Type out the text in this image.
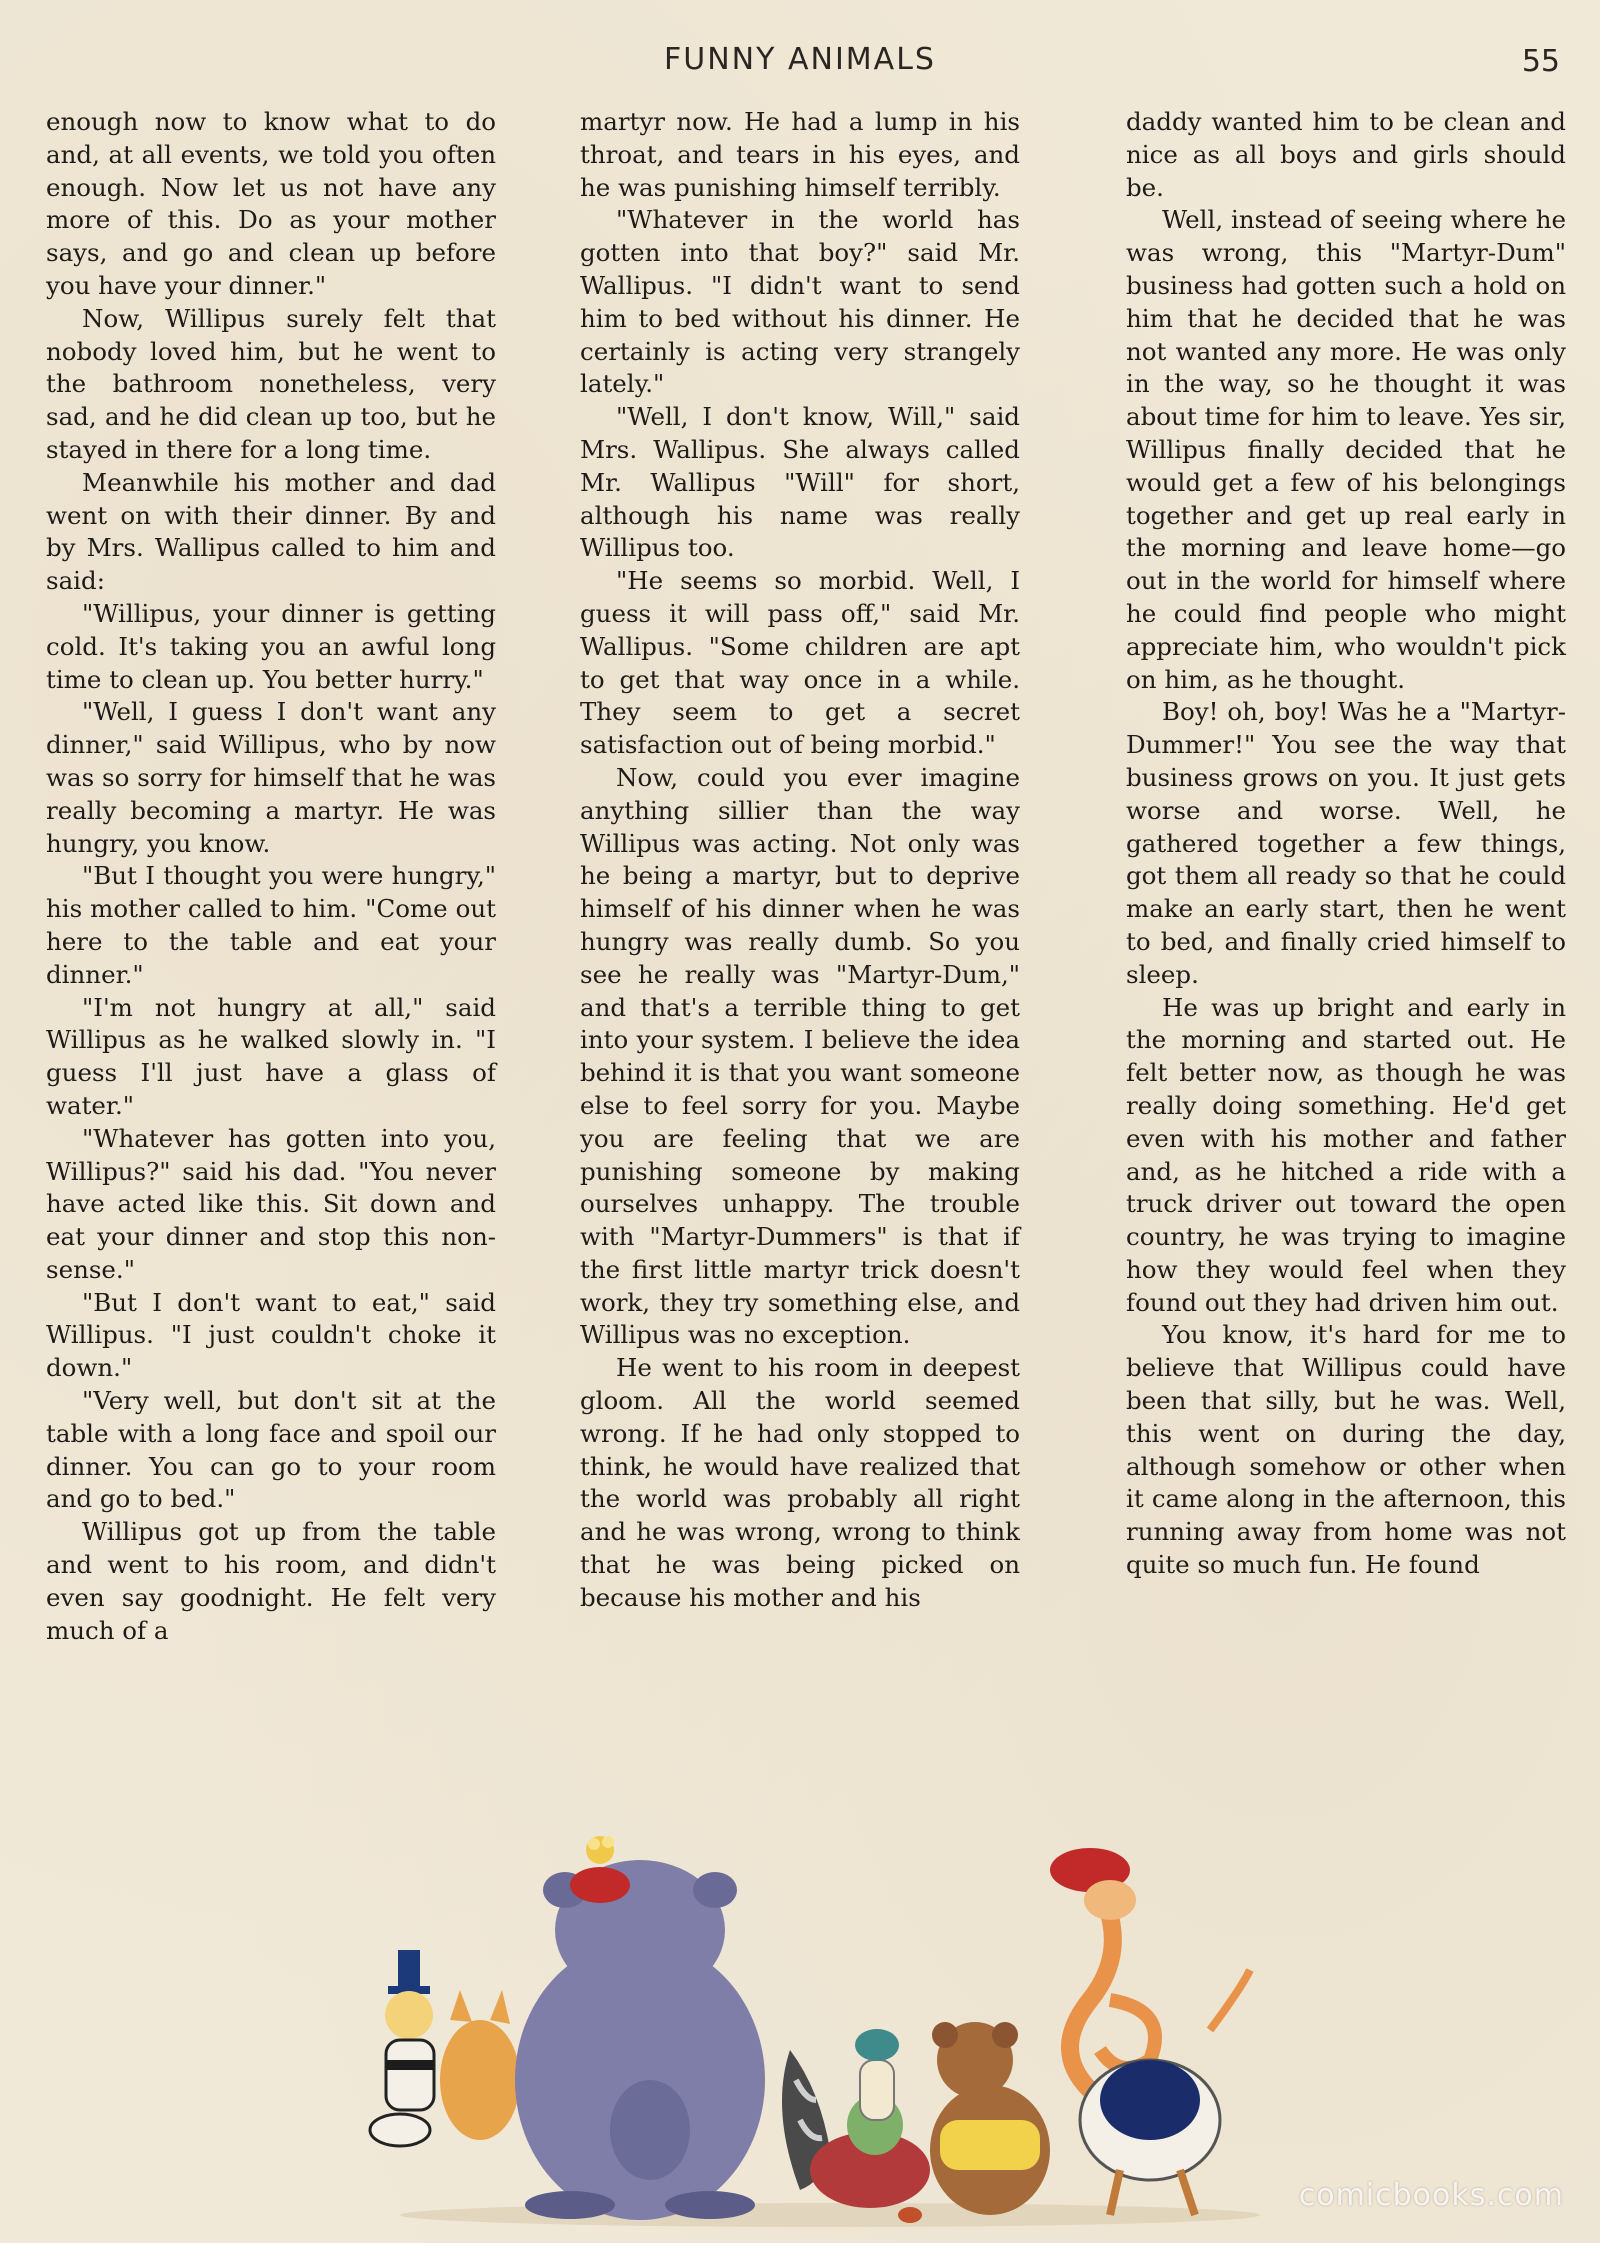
FUNNY ANIMALS	55

enough now to know what to do and, at all events, we told you often enough. Now let us not have any more of this. Do as your mother says, and go and clean up before you have your dinner."

Now, Willipus surely felt that nobody loved him, but he went to the bathroom nonetheless, very sad, and he did clean up too, but he stayed in there for a long time.

Meanwhile his mother and dad went on with their dinner. By and by Mrs. Wallipus called to him and said:

"Willipus, your dinner is getting cold. It's taking you an awful long time to clean up. You better hurry."

"Well, I guess I don't want any dinner," said Willipus, who by now was so sorry for himself that he was really becoming a martyr. He was hungry, you know.

"But I thought you were hungry," his mother called to him. "Come out here to the table and eat your dinner."

"I'm not hungry at all," said Willipus as he walked slowly in. "I guess I'll just have a glass of water."

"Whatever has gotten into you, Willipus?" said his dad. "You never have acted like this. Sit down and eat your dinner and stop this nonsense."

"But I don't want to eat," said Willipus. "I just couldn't choke it down."

"Very well, but don't sit at the table with a long face and spoil our dinner. You can go to your room and go to bed."

Willipus got up from the table and went to his room, and didn't even say goodnight. He felt very much of a

martyr now. He had a lump in his throat, and tears in his eyes, and he was punishing himself terribly.

"Whatever in the world has gotten into that boy?" said Mr. Wallipus. "I didn't want to send him to bed without his dinner. He certainly is acting very strangely lately."

"Well, I don't know, Will," said Mrs. Wallipus. She always called Mr. Wallipus "Will" for short, although his name was really Willipus too.

"He seems so morbid. Well, I guess it will pass off," said Mr. Wallipus. "Some children are apt to get that way once in a while. They seem to get a secret satisfaction out of being morbid."

Now, could you ever imagine anything sillier than the way Willipus was acting. Not only was he being a martyr, but to deprive himself of his dinner when he was hungry was really dumb. So you see he really was "Martyr-Dum," and that's a terrible thing to get into your system. I believe the idea behind it is that you want someone else to feel sorry for you. Maybe you are feeling that we are punishing someone by making ourselves unhappy. The trouble with "Martyr-Dummers" is that if the first little martyr trick doesn't work, they try something else, and Willipus was no exception.

He went to his room in deepest gloom. All the world seemed wrong. If he had only stopped to think, he would have realized that the world was probably all right and he was wrong, wrong to think that he was being picked on because his mother and his

daddy wanted him to be clean and nice as all boys and girls should be.

Well, instead of seeing where he was wrong, this "Martyr-Dum" business had gotten such a hold on him that he decided that he was not wanted any more. He was only in the way, so he thought it was about time for him to leave. Yes sir, Willipus finally decided that he would get a few of his belongings together and get up real early in the morning and leave home—go out in the world for himself where he could find people who might appreciate him, who wouldn't pick on him, as he thought.

Boy! oh, boy! Was he a "Martyr-Dummer!" You see the way that business grows on you. It just gets worse and worse. Well, he gathered together a few things, got them all ready so that he could make an early start, then he went to bed, and finally cried himself to sleep.

He was up bright and early in the morning and started out. He felt better now, as though he was really doing something. He'd get even with his mother and father and, as he hitched a ride with a truck driver out toward the open country, he was trying to imagine how they would feel when they found out they had driven him out.

You know, it's hard for me to believe that Willipus could have been that silly, but he was. Well, this went on during the day, although somehow or other when it came along in the afternoon, this running away from home was not quite so much fun. He found

comicbooks.com
